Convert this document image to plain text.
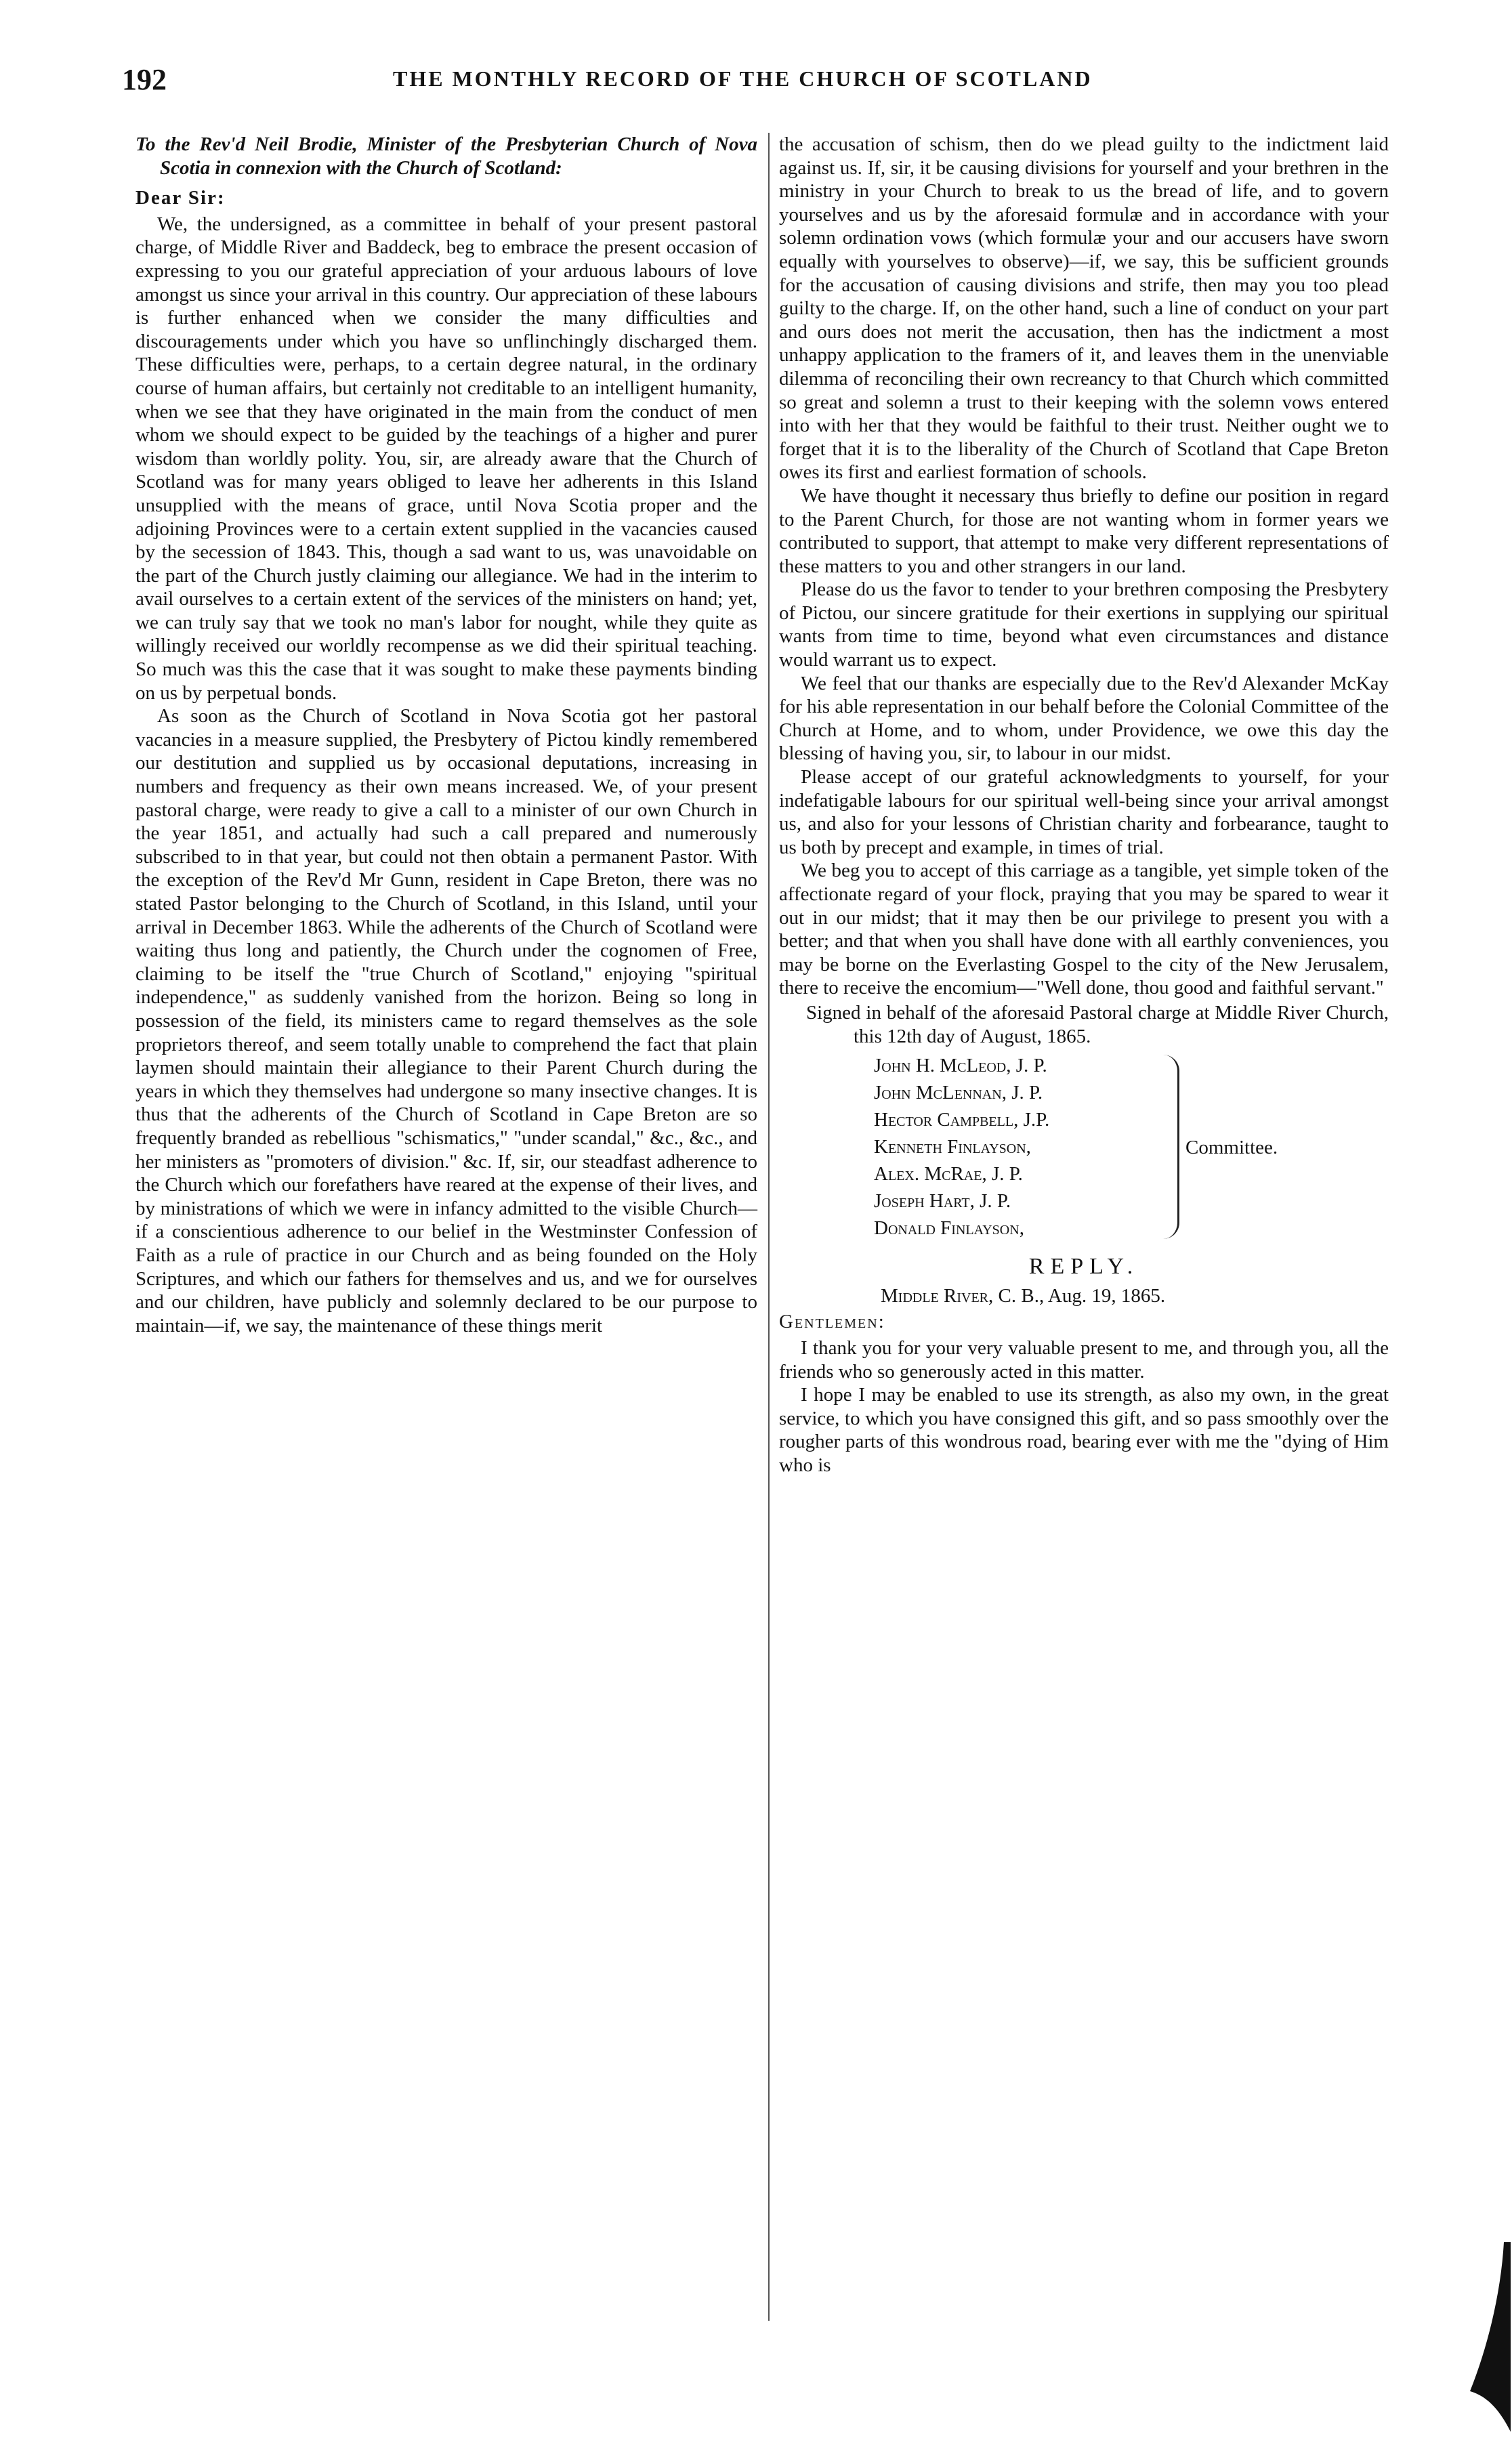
192	THE MONTHLY RECORD OF THE CHURCH OF SCOTLAND

To the Rev'd Neil Brodie, Minister of the Presbyterian Church of Nova Scotia in connexion with the Church of Scotland:

Dear Sir:

We, the undersigned, as a committee in behalf of your present pastoral charge, of Middle River and Baddeck, beg to embrace the present occasion of expressing to you our grateful appreciation of your arduous labours of love amongst us since your arrival in this country. Our appreciation of these labours is further enhanced when we consider the many difficulties and discouragements under which you have so unflinchingly discharged them. These difficulties were, perhaps, to a certain degree natural, in the ordinary course of human affairs, but certainly not creditable to an intelligent humanity, when we see that they have originated in the main from the conduct of men whom we should expect to be guided by the teachings of a higher and purer wisdom than worldly polity. You, sir, are already aware that the Church of Scotland was for many years obliged to leave her adherents in this Island unsupplied with the means of grace, until Nova Scotia proper and the adjoining Provinces were to a certain extent supplied in the vacancies caused by the secession of 1843. This, though a sad want to us, was unavoidable on the part of the Church justly claiming our allegiance. We had in the interim to avail ourselves to a certain extent of the services of the ministers on hand; yet, we can truly say that we took no man's labor for nought, while they quite as willingly received our worldly recompense as we did their spiritual teaching. So much was this the case that it was sought to make these payments binding on us by perpetual bonds.

As soon as the Church of Scotland in Nova Scotia got her pastoral vacancies in a measure supplied, the Presbytery of Pictou kindly remembered our destitution and supplied us by occasional deputations, increasing in numbers and frequency as their own means increased. We, of your present pastoral charge, were ready to give a call to a minister of our own Church in the year 1851, and actually had such a call prepared and numerously subscribed to in that year, but could not then obtain a permanent Pastor. With the exception of the Rev'd Mr Gunn, resident in Cape Breton, there was no stated Pastor belonging to the Church of Scotland, in this Island, until your arrival in December 1863. While the adherents of the Church of Scotland were waiting thus long and patiently, the Church under the cognomen of Free, claiming to be itself the "true Church of Scotland," enjoying "spiritual independence," as suddenly vanished from the horizon. Being so long in possession of the field, its ministers came to regard themselves as the sole proprietors thereof, and seem totally unable to comprehend the fact that plain laymen should maintain their allegiance to their Parent Church during the years in which they themselves had undergone so many insective changes. It is thus that the adherents of the Church of Scotland in Cape Breton are so frequently branded as rebellious "schismatics," "under scandal," &c., &c., and her ministers as "promoters of division." &c. If, sir, our steadfast adherence to the Church which our forefathers have reared at the expense of their lives, and by ministrations of which we were in infancy admitted to the visible Church—if a conscientious adherence to our belief in the Westminster Confession of Faith as a rule of practice in our Church and as being founded on the Holy Scriptures, and which our fathers for themselves and us, and we for ourselves and our children, have publicly and solemnly declared to be our purpose to maintain—if, we say, the maintenance of these things merit

the accusation of schism, then do we plead guilty to the indictment laid against us. If, sir, it be causing divisions for yourself and your brethren in the ministry in your Church to break to us the bread of life, and to govern yourselves and us by the aforesaid formulæ and in accordance with your solemn ordination vows (which formulæ your and our accusers have sworn equally with yourselves to observe)—if, we say, this be sufficient grounds for the accusation of causing divisions and strife, then may you too plead guilty to the charge. If, on the other hand, such a line of conduct on your part and ours does not merit the accusation, then has the indictment a most unhappy application to the framers of it, and leaves them in the unenviable dilemma of reconciling their own recreancy to that Church which committed so great and solemn a trust to their keeping with the solemn vows entered into with her that they would be faithful to their trust. Neither ought we to forget that it is to the liberality of the Church of Scotland that Cape Breton owes its first and earliest formation of schools.

We have thought it necessary thus briefly to define our position in regard to the Parent Church, for those are not wanting whom in former years we contributed to support, that attempt to make very different representations of these matters to you and other strangers in our land.

Please do us the favor to tender to your brethren composing the Presbytery of Pictou, our sincere gratitude for their exertions in supplying our spiritual wants from time to time, beyond what even circumstances and distance would warrant us to expect.

We feel that our thanks are especially due to the Rev'd Alexander McKay for his able representation in our behalf before the Colonial Committee of the Church at Home, and to whom, under Providence, we owe this day the blessing of having you, sir, to labour in our midst.

Please accept of our grateful acknowledgments to yourself, for your indefatigable labours for our spiritual well-being since your arrival amongst us, and also for your lessons of Christian charity and forbearance, taught to us both by precept and example, in times of trial.

We beg you to accept of this carriage as a tangible, yet simple token of the affectionate regard of your flock, praying that you may be spared to wear it out in our midst; that it may then be our privilege to present you with a better; and that when you shall have done with all earthly conveniences, you may be borne on the Everlasting Gospel to the city of the New Jerusalem, there to receive the encomium—"Well done, thou good and faithful servant."

Signed in behalf of the aforesaid Pastoral charge at Middle River Church, this 12th day of August, 1865.

John H. McLeod, J. P.
John McLennan, J. P.
Hector Campbell, J.P.
Kenneth Finlayson,
Alex. McRae, J. P.
Joseph Hart, J. P.
Donald Finlayson,
Committee.

REPLY.

Middle River, C. B., Aug. 19, 1865.

Gentlemen:

I thank you for your very valuable present to me, and through you, all the friends who so generously acted in this matter.

I hope I may be enabled to use its strength, as also my own, in the great service, to which you have consigned this gift, and so pass smoothly over the rougher parts of this wondrous road, bearing ever with me the "dying of Him who is
